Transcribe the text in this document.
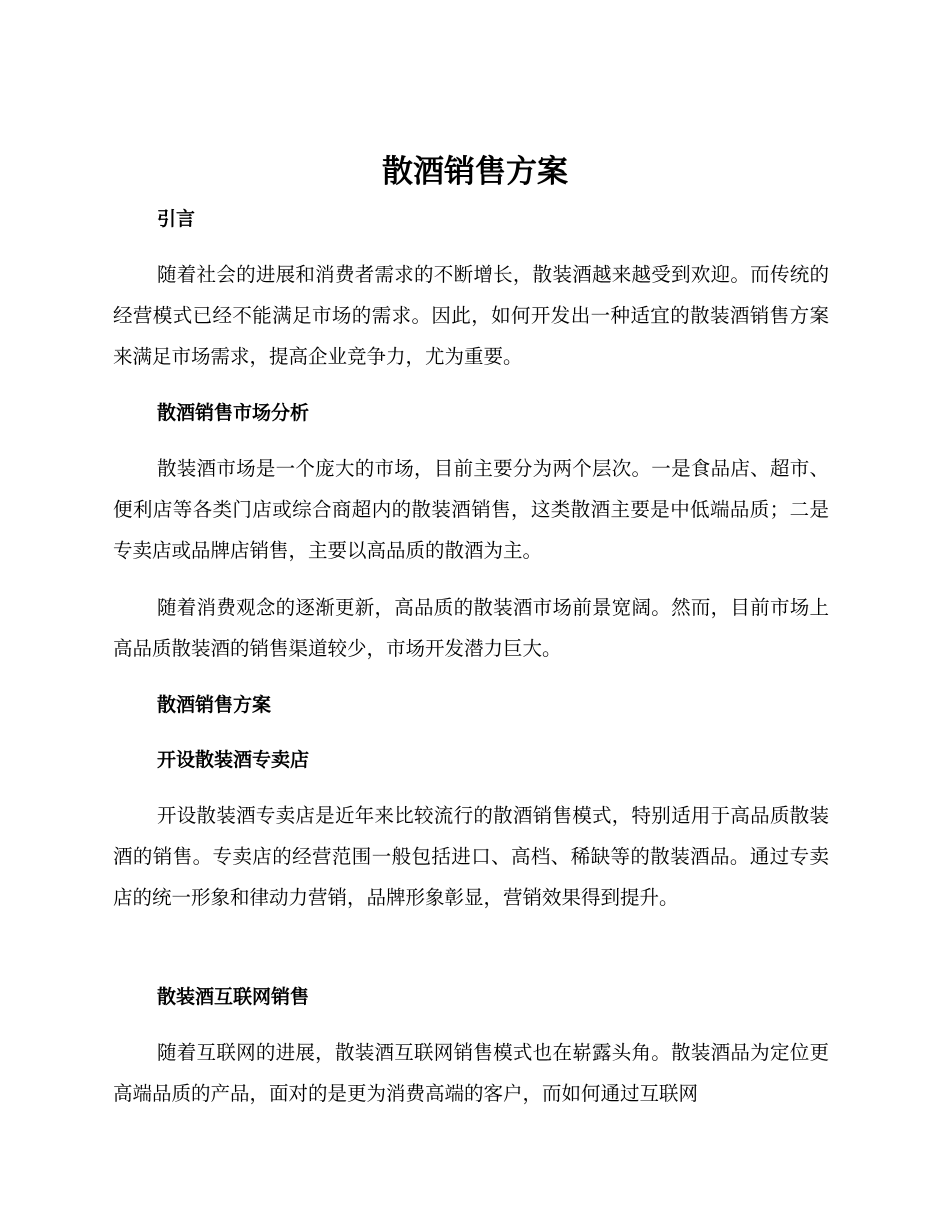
散酒销售方案
引言

随着社会的进展和消费者需求的不断增长，散装酒越来越受到欢迎。而传统的经营模式已经不能满足市场的需求。因此，如何开发出一种适宜的散装酒销售方案来满足市场需求，提高企业竞争力，尤为重要。

散酒销售市场分析

散装酒市场是一个庞大的市场，目前主要分为两个层次。一是食品店、超市、便利店等各类门店或综合商超内的散装酒销售，这类散酒主要是中低端品质；二是专卖店或品牌店销售，主要以高品质的散酒为主。

随着消费观念的逐渐更新，高品质的散装酒市场前景宽阔。然而，目前市场上高品质散装酒的销售渠道较少，市场开发潜力巨大。

散酒销售方案
开设散装酒专卖店

开设散装酒专卖店是近年来比较流行的散酒销售模式，特别适用于高品质散装酒的销售。专卖店的经营范围一般包括进口、高档、稀缺等的散装酒品。通过专卖店的统一形象和律动力营销，品牌形象彰显，营销效果得到提升。

散装酒互联网销售

随着互联网的进展，散装酒互联网销售模式也在崭露头角。散装酒品为定位更高端品质的产品，面对的是更为消费高端的客户，而如何通过互联网
